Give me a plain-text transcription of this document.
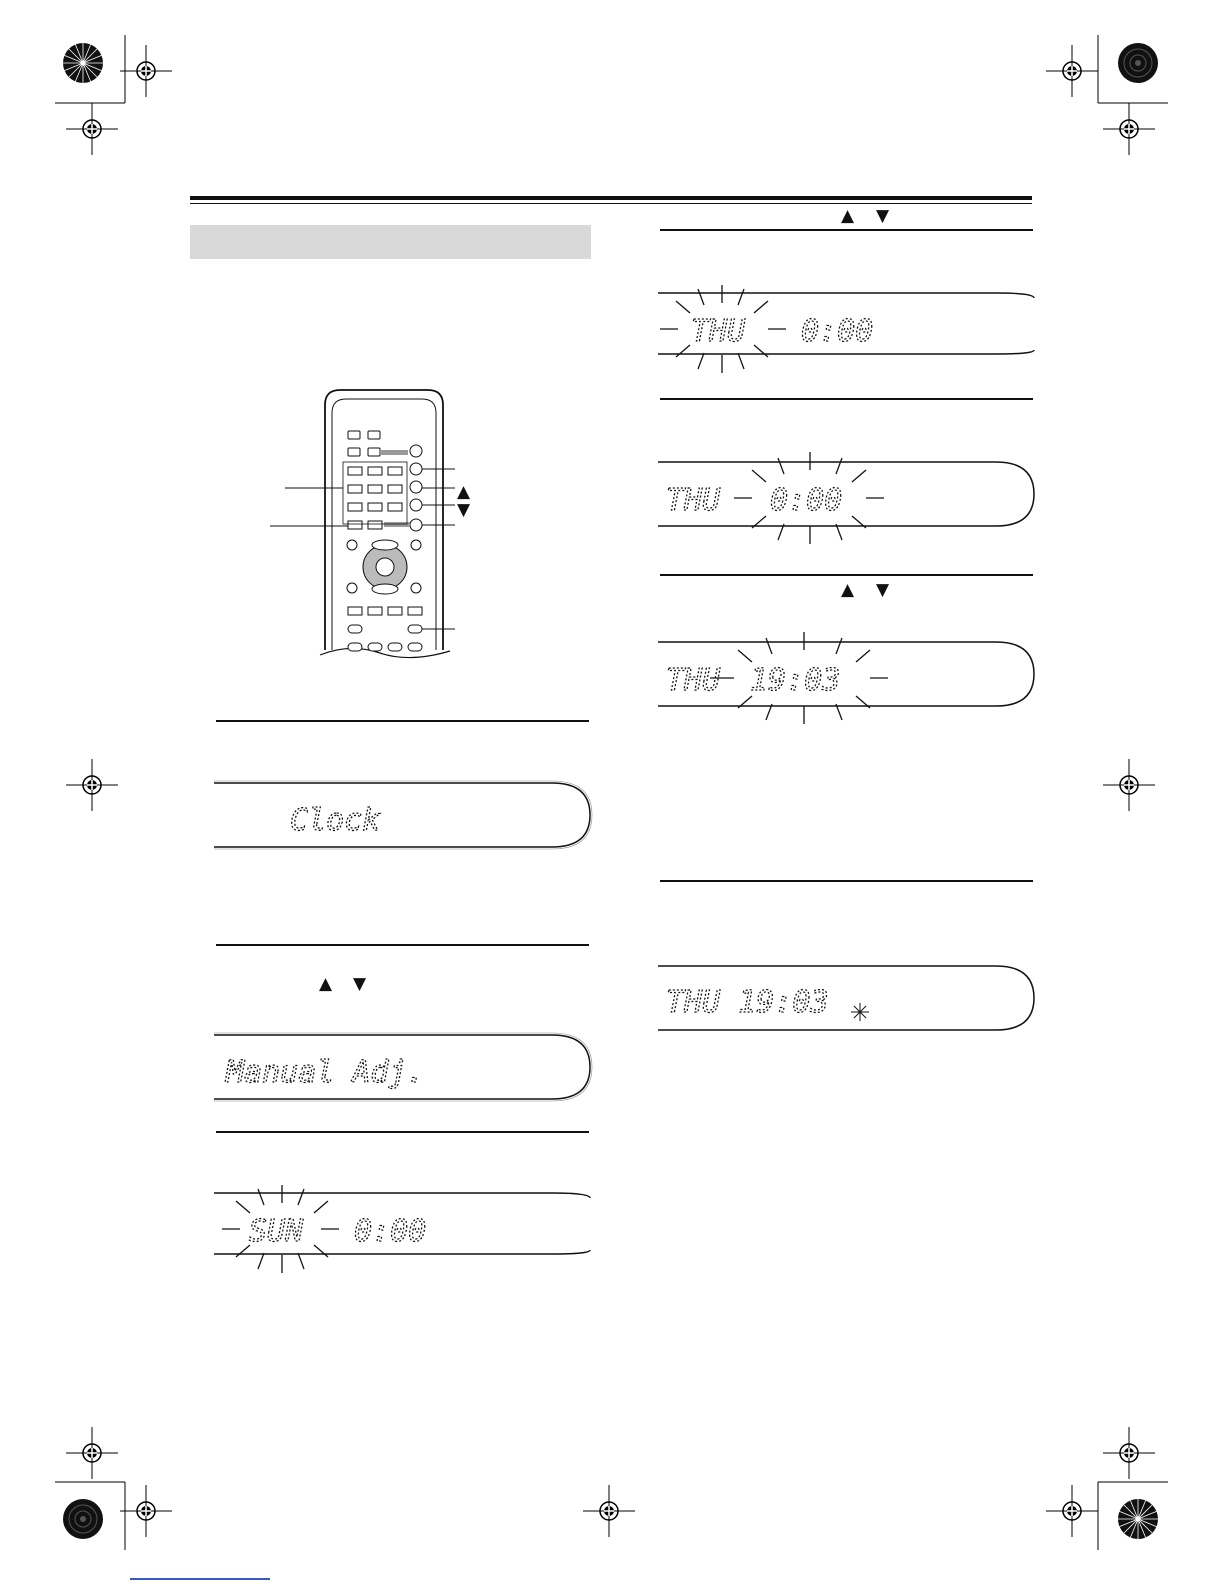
▲
▼
Clock
▲ ▼
Manual Adj.
SUN 0:00
▲ ▼
THU 0:00
THU 0:00
▲ ▼
THU 19:03
THU 19:03
